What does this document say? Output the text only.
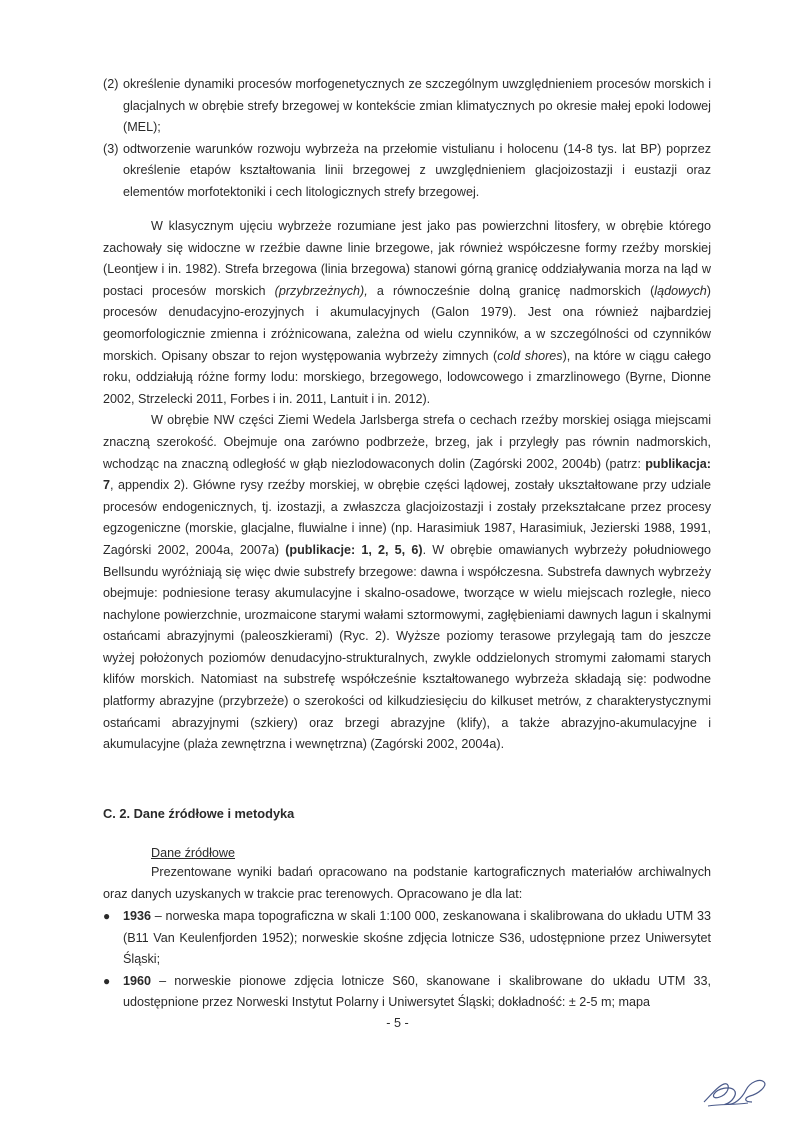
(2) określenie dynamiki procesów morfogenetycznych ze szczególnym uwzględnieniem procesów morskich i glacjalnych w obrębie strefy brzegowej w kontekście zmian klimatycznych po okresie małej epoki lodowej (MEL);
(3) odtworzenie warunków rozwoju wybrzeża na przełomie vistulianu i holocenu (14-8 tys. lat BP) poprzez określenie etapów kształtowania linii brzegowej z uwzględnieniem glacjoizostazji i eustazji oraz elementów morfotektoniki i cech litologicznych strefy brzegowej.

W klasycznym ujęciu wybrzeże rozumiane jest jako pas powierzchni litosfery, w obrębie którego zachowały się widoczne w rzeźbie dawne linie brzegowe, jak również współczesne formy rzeźby morskiej (Leontjew i in. 1982). Strefa brzegowa (linia brzegowa) stanowi górną granicę oddziaływania morza na ląd w postaci procesów morskich (przybrzeżnych), a równocześnie dolną granicę nadmorskich (lądowych) procesów denudacyjno-erozyjnych i akumulacyjnych (Galon 1979). Jest ona również najbardziej geomorfologicznie zmienna i zróżnicowana, zależna od wielu czynników, a w szczególności od czynników morskich. Opisany obszar to rejon występowania wybrzeży zimnych (cold shores), na które w ciągu całego roku, oddziałują różne formy lodu: morskiego, brzegowego, lodowcowego i zmarzlinowego (Byrne, Dionne 2002, Strzelecki 2011, Forbes i in. 2011, Lantuit i in. 2012).

W obrębie NW części Ziemi Wedela Jarlsberga strefa o cechach rzeźby morskiej osiąga miejscami znaczną szerokość. Obejmuje ona zarówno podbrzeże, brzeg, jak i przyległy pas równin nadmorskich, wchodząc na znaczną odległość w głąb niezlodowaconych dolin (Zagórski 2002, 2004b) (patrz: publikacja: 7, appendix 2). Główne rysy rzeźby morskiej, w obrębie części lądowej, zostały ukształtowane przy udziale procesów endogenicznych, tj. izostazji, a zwłaszcza glacjoizostazji i zostały przekształcane przez procesy egzogeniczne (morskie, glacjalne, fluwialne i inne) (np. Harasimiuk 1987, Harasimiuk, Jezierski 1988, 1991, Zagórski 2002, 2004a, 2007a) (publikacje: 1, 2, 5, 6). W obrębie omawianych wybrzeży południowego Bellsundu wyróżniają się więc dwie substrefy brzegowe: dawna i współczesna. Substrefa dawnych wybrzeży obejmuje: podniesione terasy akumulacyjne i skalno-osadowe, tworzące w wielu miejscach rozległe, nieco nachylone powierzchnie, urozmaicone starymi wałami sztormowymi, zagłębieniami dawnych lagun i skalnymi ostańcami abrazyjnymi (paleoszkierami) (Ryc. 2). Wyższe poziomy terasowe przylegają tam do jeszcze wyżej położonych poziomów denudacyjno-strukturalnych, zwykle oddzielonych stromymi załomami starych klifów morskich. Natomiast na substrefę współcześnie kształtowanego wybrzeża składają się: podwodne platformy abrazyjne (przybrzeże) o szerokości od kilkudziesięciu do kilkuset metrów, z charakterystycznymi ostańcami abrazyjnymi (szkiery) oraz brzegi abrazyjne (klify), a także abrazyjno-akumulacyjne i akumulacyjne (plaża zewnętrzna i wewnętrzna) (Zagórski 2002, 2004a).

C. 2. Dane źródłowe i metodyka
Dane źródłowe

Prezentowane wyniki badań opracowano na podstanie kartograficznych materiałów archiwalnych oraz danych uzyskanych w trakcie prac terenowych. Opracowano je dla lat:

●	1936 – norweska mapa topograficzna w skali 1:100 000, zeskanowana i skalibrowana do układu UTM 33 (B11 Van Keulenfjorden 1952); norweskie skośne zdjęcia lotnicze S36, udostępnione przez Uniwersytet Śląski;
●	1960 – norweskie pionowe zdjęcia lotnicze S60, skanowane i skalibrowane do układu UTM 33, udostępnione przez Norweski Instytut Polarny i Uniwersytet Śląski; dokładność: ± 2-5 m; mapa
- 5 -
